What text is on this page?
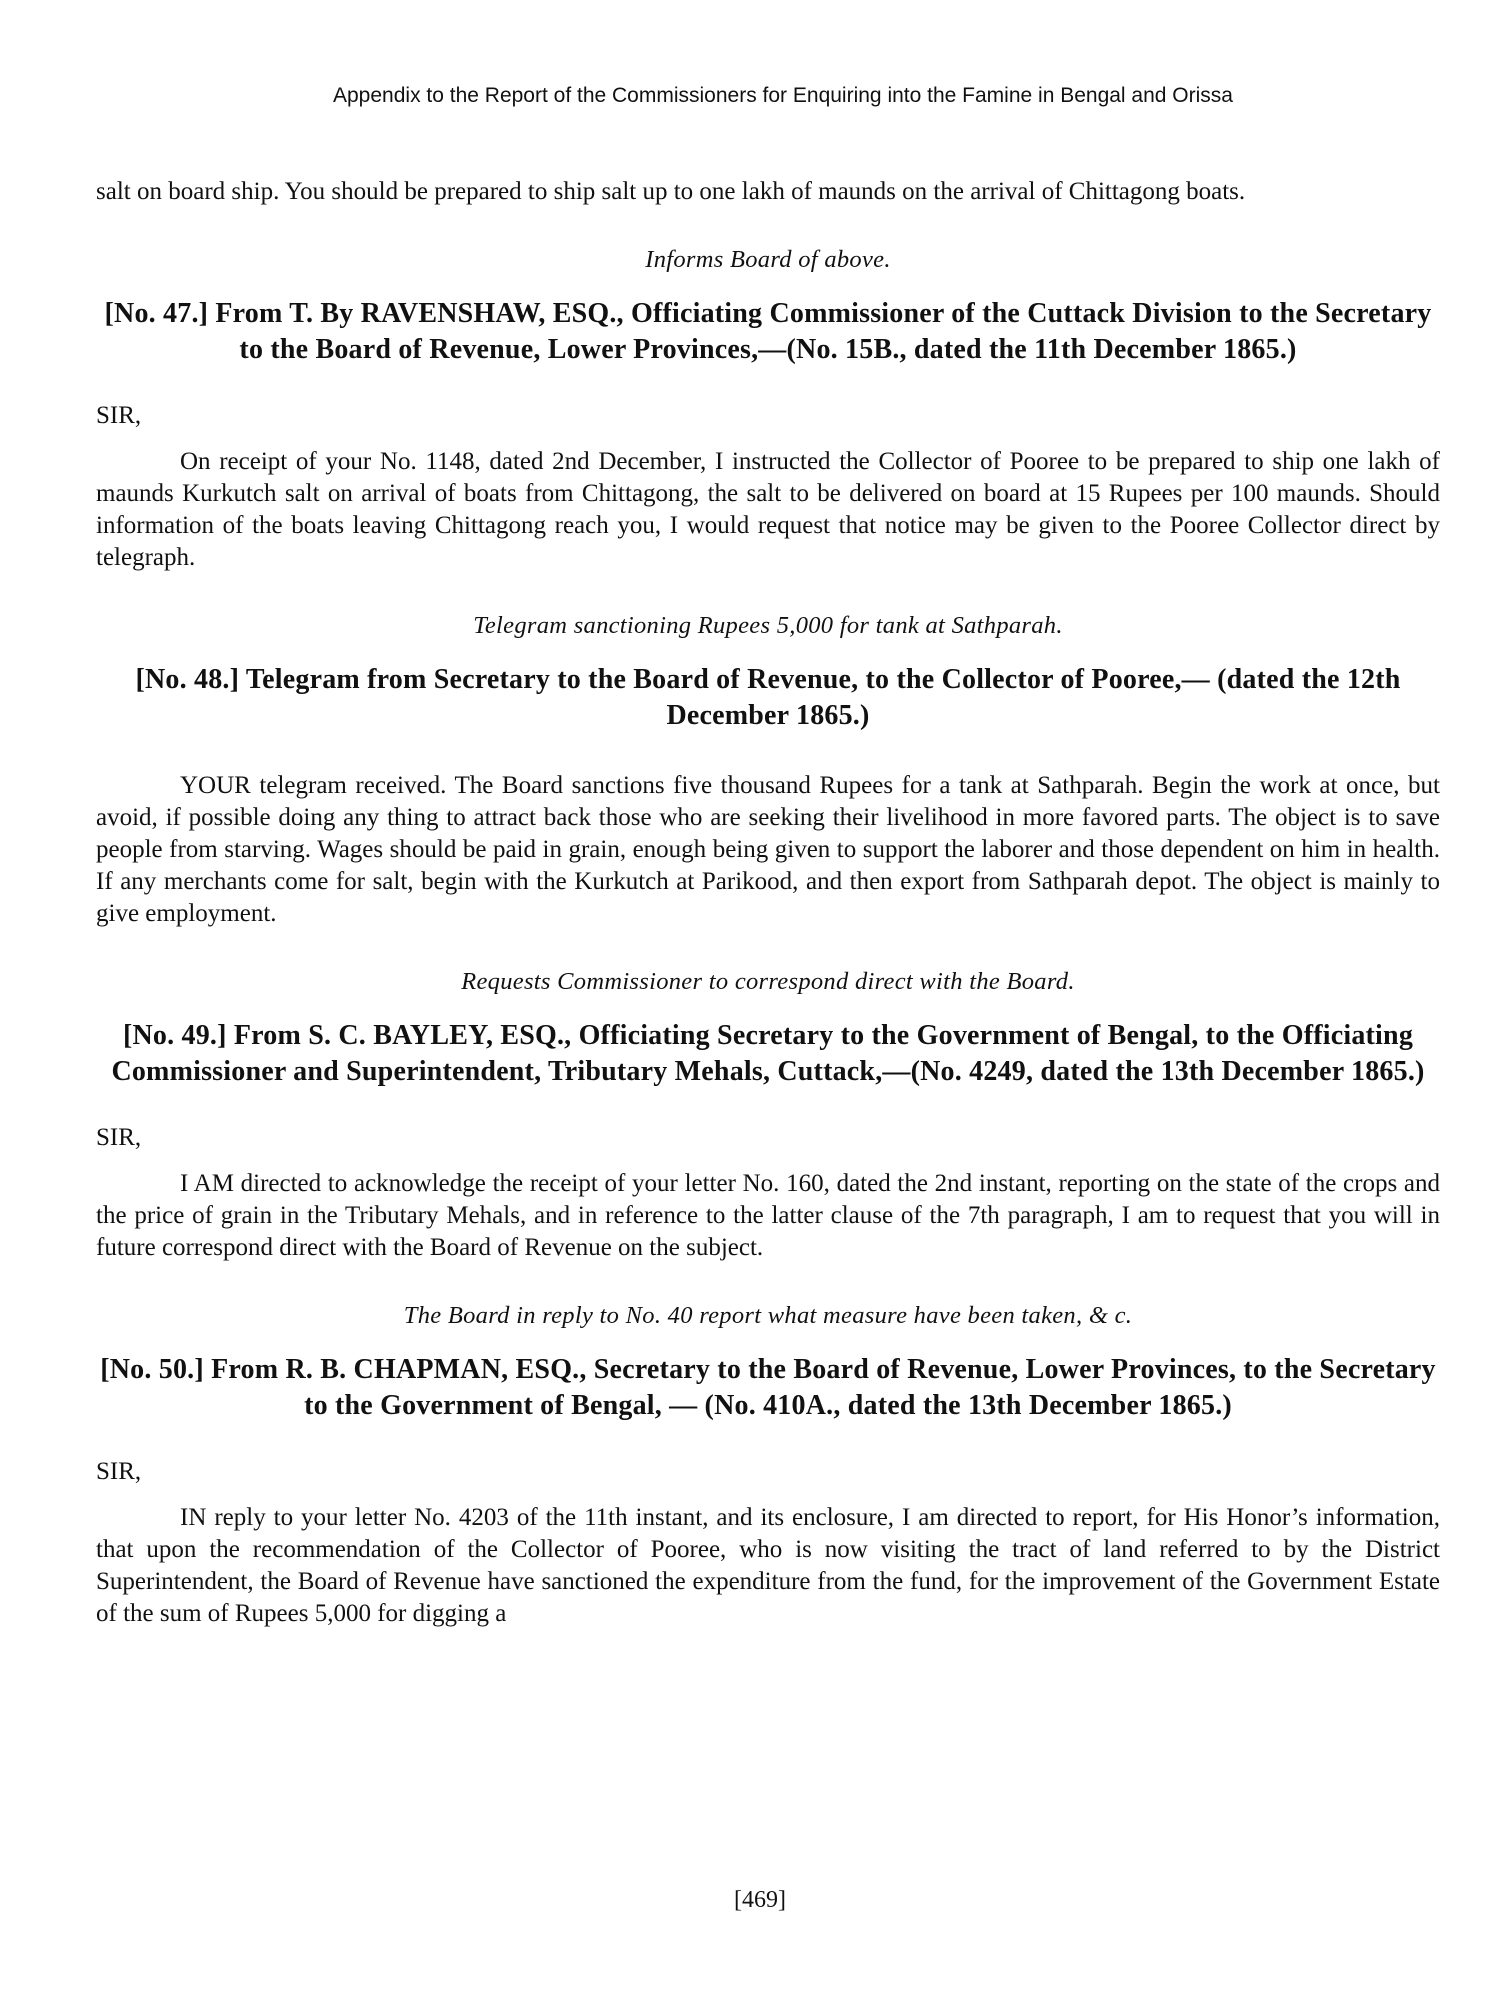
Appendix to the Report of the Commissioners for Enquiring into the Famine in Bengal and Orissa

salt on board ship. You should be prepared to ship salt up to one lakh of maunds on the arrival of Chittagong boats.

Informs Board of above.

[No. 47.] From T. By RAVENSHAW, ESQ., Officiating Commissioner of the Cuttack Division to the Secretary to the Board of Revenue, Lower Provinces,—(No. 15B., dated the 11th December 1865.)

SIR,

On receipt of your No. 1148, dated 2nd December, I instructed the Collector of Pooree to be prepared to ship one lakh of maunds Kurkutch salt on arrival of boats from Chittagong, the salt to be delivered on board at 15 Rupees per 100 maunds. Should information of the boats leaving Chittagong reach you, I would request that notice may be given to the Pooree Collector direct by telegraph.

Telegram sanctioning Rupees 5,000 for tank at Sathparah.

[No. 48.] Telegram from Secretary to the Board of Revenue, to the Collector of Pooree,— (dated the 12th December 1865.)

YOUR telegram received. The Board sanctions five thousand Rupees for a tank at Sathparah. Begin the work at once, but avoid, if possible doing any thing to attract back those who are seeking their livelihood in more favored parts. The object is to save people from starving. Wages should be paid in grain, enough being given to support the laborer and those dependent on him in health. If any merchants come for salt, begin with the Kurkutch at Parikood, and then export from Sathparah depot. The object is mainly to give employment.

Requests Commissioner to correspond direct with the Board.

[No. 49.] From S. C. BAYLEY, ESQ., Officiating Secretary to the Government of Bengal, to the Officiating Commissioner and Superintendent, Tributary Mehals, Cuttack,—(No. 4249, dated the 13th December 1865.)

SIR,

I AM directed to acknowledge the receipt of your letter No. 160, dated the 2nd instant, reporting on the state of the crops and the price of grain in the Tributary Mehals, and in reference to the latter clause of the 7th paragraph, I am to request that you will in future correspond direct with the Board of Revenue on the subject.

The Board in reply to No. 40 report what measure have been taken, & c.

[No. 50.] From R. B. CHAPMAN, ESQ., Secretary to the Board of Revenue, Lower Provinces, to the Secretary to the Government of Bengal, — (No. 410A., dated the 13th December 1865.)

SIR,

IN reply to your letter No. 4203 of the 11th instant, and its enclosure, I am directed to report, for His Honor’s information, that upon the recommendation of the Collector of Pooree, who is now visiting the tract of land referred to by the District Superintendent, the Board of Revenue have sanctioned the expenditure from the fund, for the improvement of the Government Estate of the sum of Rupees 5,000 for digging a

[469]
